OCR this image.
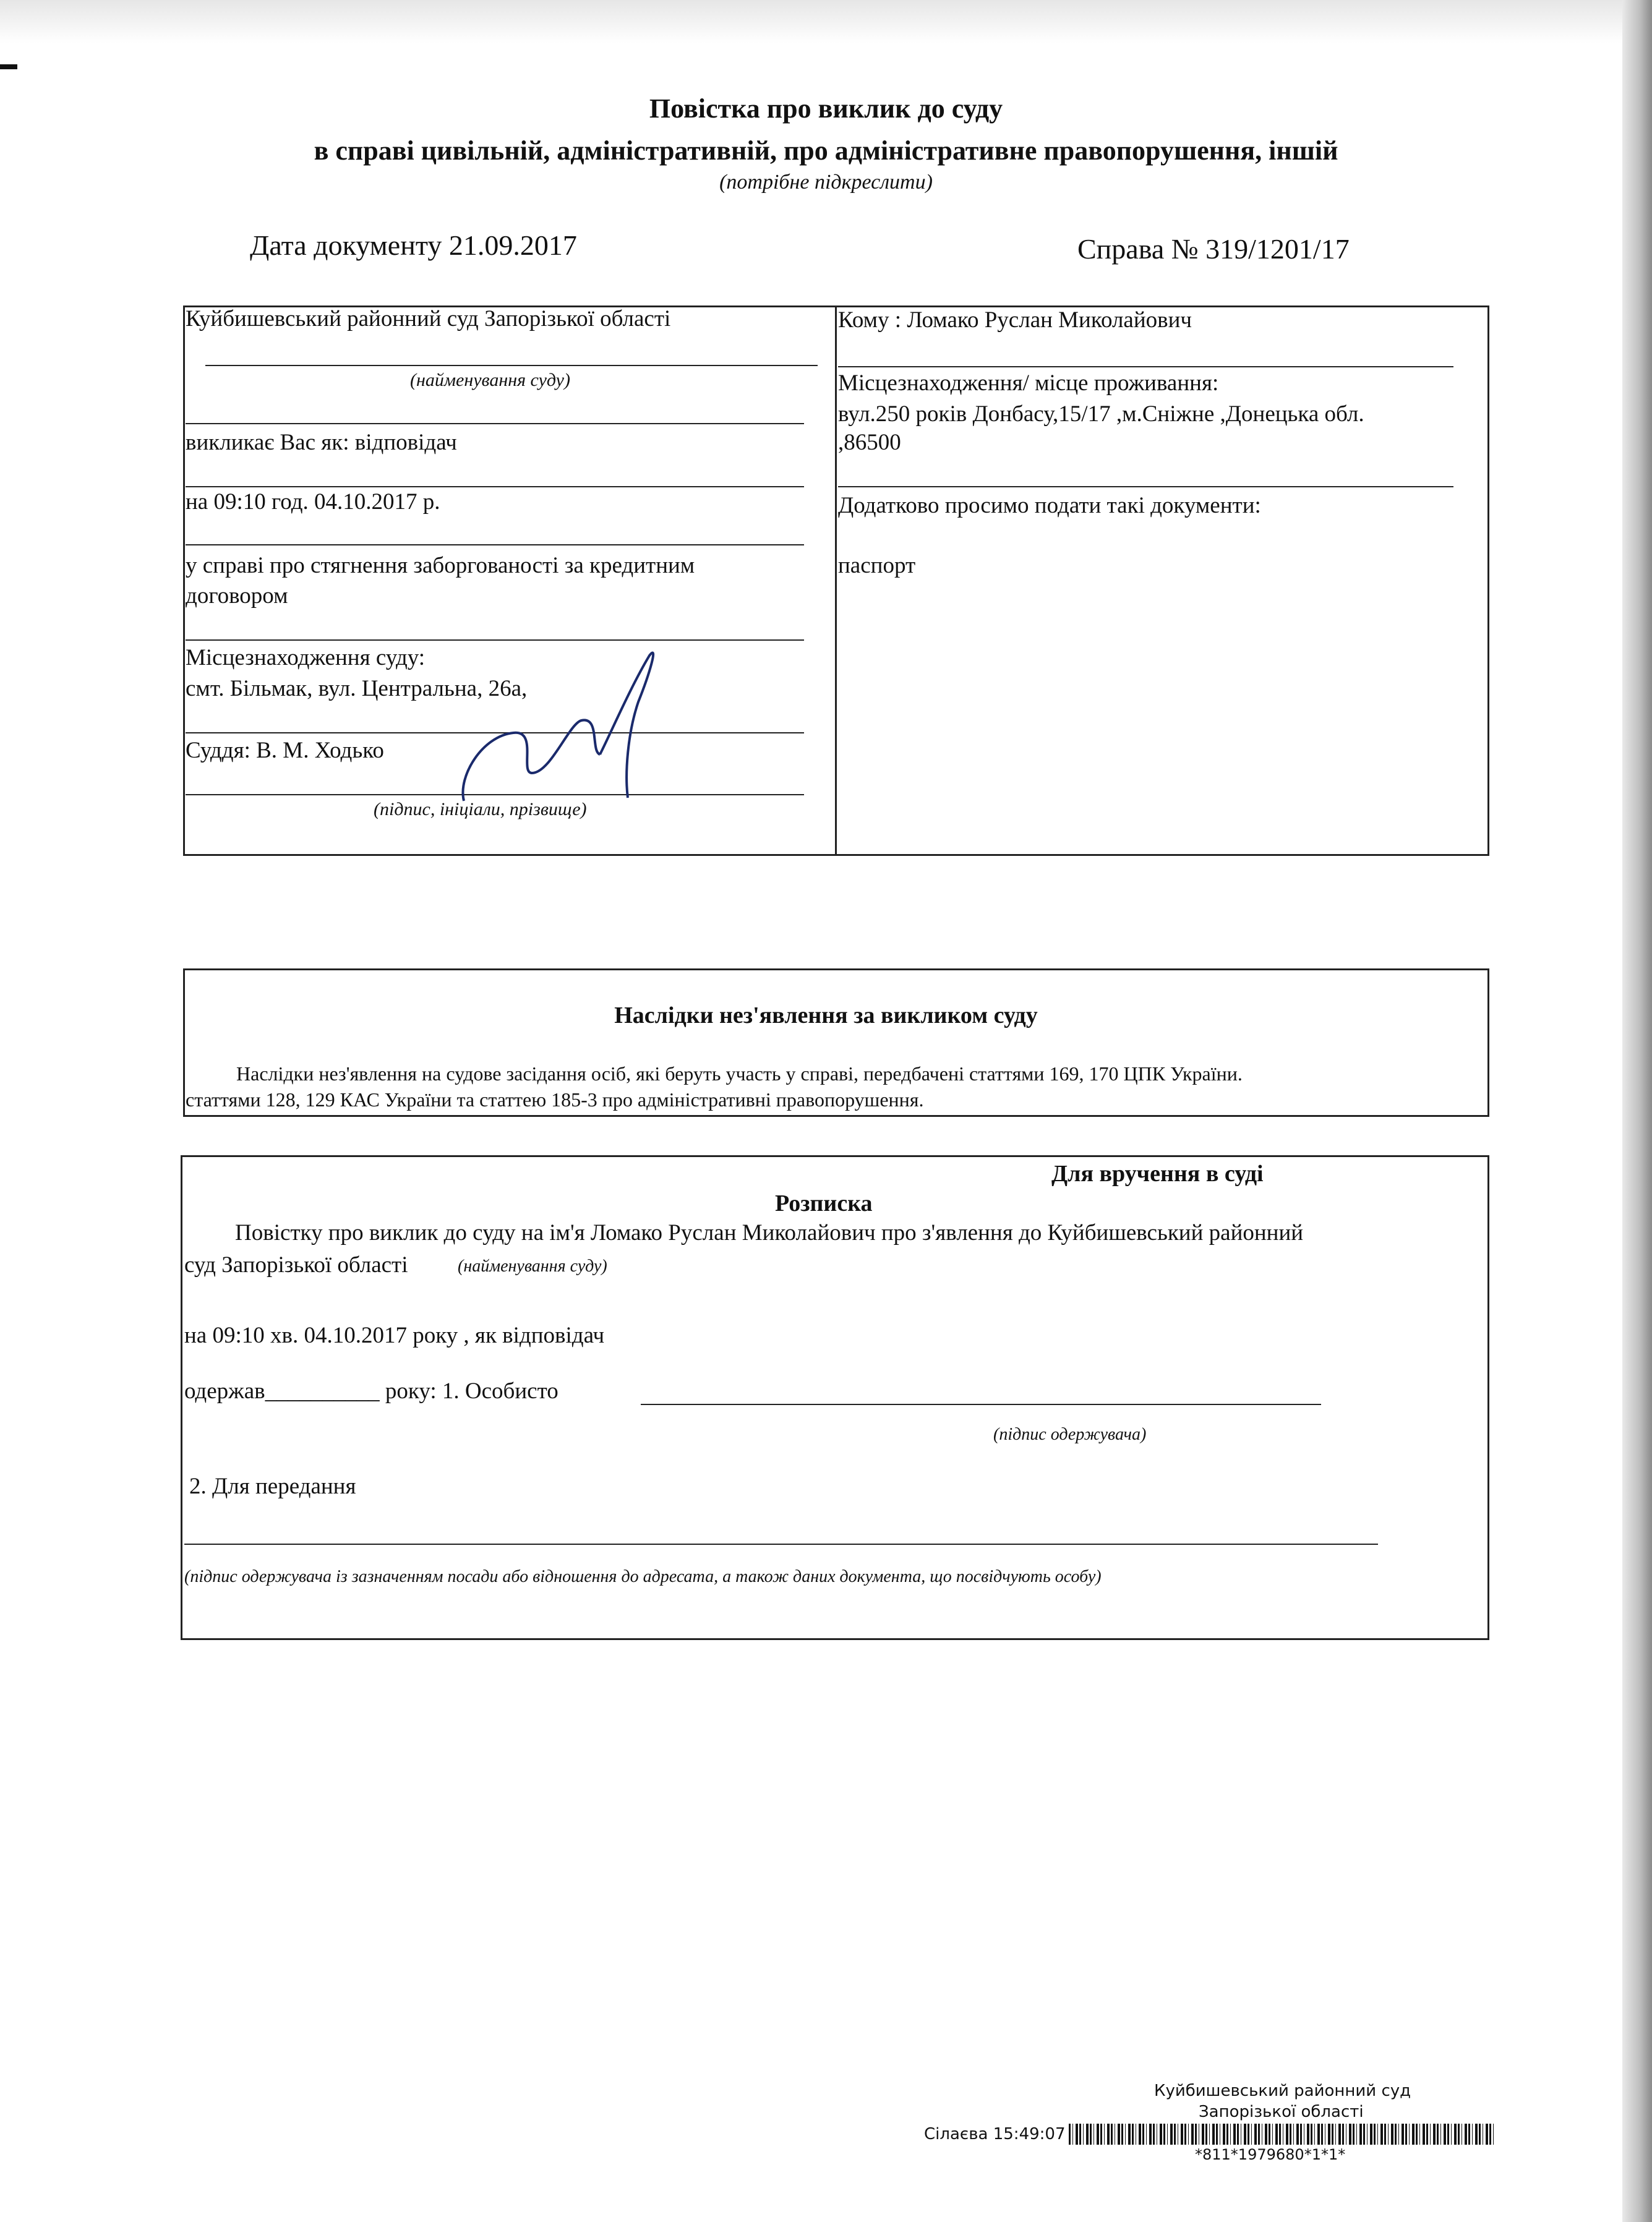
Повістка про виклик до суду
в справі цивільній, адміністративній, про адміністративне правопорушення, іншій
(потрібне підкреслити)
Дата документу 21.09.2017	Справа № 319/1201/17
Куйбишевський районний суд Запорізької області
(найменування суду)
викликає Вас як: відповідач
на 09:10 год. 04.10.2017 р.
у справі про стягнення заборгованості за кредитним
договором
Місцезнаходження суду:
смт. Більмак, вул. Центральна, 26а,
Суддя: В. М. Ходько
(підпис, ініціали, прізвище)
Кому : Ломако Руслан Миколайович
Місцезнаходження/ місце проживання:
вул.250 років Донбасу,15/17 ,м.Сніжне ,Донецька обл.
,86500
Додатково просимо подати такі документи:
паспорт
Наслідки нез'явлення за викликом суду
Наслідки нез'явлення на судове засідання осіб, які беруть участь у справі, передбачені статтями 169, 170 ЦПК України.
статтями 128, 129 КАС України та статтею 185-3 про адміністративні правопорушення.
Для вручення в суді
Розписка
Повістку про виклик до суду на ім'я Ломако Руслан Миколайович про з'явлення до Куйбишевський районний
суд Запорізької області	(найменування суду)
на 09:10 хв. 04.10.2017 року , як відповідач
одержав__________ року: 1. Особисто
(підпис одержувача)
2. Для передання
(підпис одержувача із зазначенням посади або відношення до адресата, а також даних документа, що посвідчують особу)
Куйбишевський районний суд
Запорізької області
Сілаєва 15:49:07
*811*1979680*1*1*
